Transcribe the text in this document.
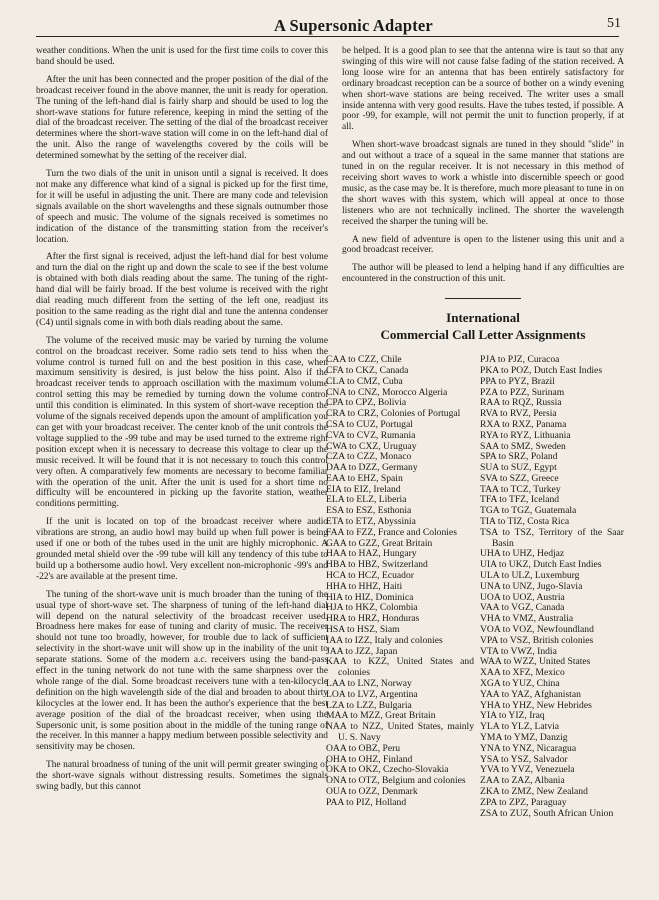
A Supersonic Adapter	51

weather conditions. When the unit is used for the first time coils to cover this band should be used.

After the unit has been connected and the proper position of the dial of the broadcast receiver found in the above manner, the unit is ready for operation. The tuning of the left-hand dial is fairly sharp and should be used to log the short-wave stations for future reference, keeping in mind the setting of the dial of the broadcast receiver. The setting of the dial of the broadcast receiver determines where the short-wave station will come in on the left-hand dial of the unit. Also the range of wavelengths covered by the coils will be determined somewhat by the setting of the receiver dial.

Turn the two dials of the unit in unison until a signal is received. It does not make any difference what kind of a signal is picked up for the first time, for it will be useful in adjusting the unit. There are many code and television signals available on the short wavelengths and these signals outnumber those of speech and music. The volume of the signals received is sometimes no indication of the distance of the transmitting station from the receiver's location.

After the first signal is received, adjust the left-hand dial for best volume and turn the dial on the right up and down the scale to see if the best volume is obtained with both dials reading about the same. The tuning of the right-hand dial will be fairly broad. If the best volume is received with the right dial reading much different from the setting of the left one, readjust its position to the same reading as the right dial and tune the antenna condenser (C4) until signals come in with both dials reading about the same.

The volume of the received music may be varied by turning the volume control on the broadcast receiver. Some radio sets tend to hiss when the volume control is turned full on and the best position in this case, when maximum sensitivity is desired, is just below the hiss point. Also if the broadcast receiver tends to approach oscillation with the maximum volume control setting this may be remedied by turning down the volume control until this condition is eliminated. In this system of short-wave reception the volume of the signals received depends upon the amount of amplification you can get with your broadcast receiver. The center knob of the unit controls the voltage supplied to the -99 tube and may be used turned to the extreme right position except when it is necessary to decrease this voltage to clear up the music received. It will be found that it is not necessary to touch this control very often. A comparatively few moments are necessary to become familiar with the operation of the unit. After the unit is used for a short time no difficulty will be encountered in picking up the favorite station, weather conditions permitting.

If the unit is located on top of the broadcast receiver where audio vibrations are strong, an audio howl may build up when full power is being used if one or both of the tubes used in the unit are highly microphonic. A grounded metal shield over the -99 tube will kill any tendency of this tube to build up a bothersome audio howl. Very excellent non-microphonic -99's and -22's are available at the present time.

The tuning of the short-wave unit is much broader than the tuning of the usual type of short-wave set. The sharpness of tuning of the left-hand dial will depend on the natural selectivity of the broadcast receiver used. Broadness here makes for ease of tuning and clarity of music. The receiver should not tune too broadly, however, for trouble due to lack of sufficient selectivity in the short-wave unit will show up in the inability of the unit to separate stations. Some of the modern a.c. receivers using the band-pass effect in the tuning network do not tune with the same sharpness over the whole range of the dial. Some broadcast receivers tune with a ten-kilocycle definition on the high wavelength side of the dial and broaden to about thirty kilocycles at the lower end. It has been the author's experience that the best average position of the dial of the broadcast receiver, when using the Supersonic unit, is some position about in the middle of the tuning range of the receiver. In this manner a happy medium between possible selectivity and sensitivity may be chosen.

The natural broadness of tuning of the unit will permit greater swinging of the short-wave signals without distressing results. Sometimes the signals swing badly, but this cannot

be helped. It is a good plan to see that the antenna wire is taut so that any swinging of this wire will not cause false fading of the station received. A long loose wire for an antenna that has been entirely satisfactory for ordinary broadcast reception can be a source of bother on a windy evening when short-wave stations are being received. The writer uses a small inside antenna with very good results. Have the tubes tested, if possible. A poor -99, for example, will not permit the unit to function properly, if at all.

When short-wave broadcast signals are tuned in they should "slide" in and out without a trace of a squeal in the same manner that stations are tuned in on the regular receiver. It is not necessary in this method of receiving short waves to work a whistle into discernible speech or good music, as the case may be. It is therefore, much more pleasant to tune in on the short waves with this system, which will appeal at once to those listeners who are not technically inclined. The shorter the wavelength received the sharper the tuning will be.

A new field of adventure is open to the listener using this unit and a good broadcast receiver.

The author will be pleased to lend a helping hand if any difficulties are encountered in the construction of this unit.

International
Commercial Call Letter Assignments
CAA to CZZ, Chile
CFA to CKZ, Canada
CLA to CMZ, Cuba
CNA to CNZ, Morocco Algeria
CPA to CPZ, Bolivia
CRA to CRZ, Colonies of Portugal
CSA to CUZ, Portugal
CVA to CVZ, Rumania
CWA to CXZ, Uruguay
CZA to CZZ, Monaco
DAA to DZZ, Germany
EAA to EHZ, Spain
EIA to EIZ, Ireland
ELA to ELZ, Liberia
ESA to ESZ, Esthonia
ETA to ETZ, Abyssinia
FAA to FZZ, France and Colonies
GAA to GZZ, Great Britain
HAA to HAZ, Hungary
HBA to HBZ, Switzerland
HCA to HCZ, Ecuador
HHA to HHZ, Haiti
HIA to HIZ, Dominica
HJA to HKZ, Colombia
HRA to HRZ, Honduras
HSA to HSZ, Siam
IAA to IZZ, Italy and colonies
JAA to JZZ, Japan
KAA to KZZ, United States and colonies
LAA to LNZ, Norway
LOA to LVZ, Argentina
LZA to LZZ, Bulgaria
MAA to MZZ, Great Britain
NAA to NZZ, United States, mainly U. S. Navy
OAA to OBZ, Peru
OHA to OHZ, Finland
OKA to OKZ, Czecho-Slovakia
ONA to OTZ, Belgium and colonies
OUA to OZZ, Denmark
PAA to PIZ, Holland
PJA to PJZ, Curacoa
PKA to POZ, Dutch East Indies
PPA to PYZ, Brazil
PZA to PZZ, Surinam
RAA to RQZ, Russia
RVA to RVZ, Persia
RXA to RXZ, Panama
RYA to RYZ, Lithuania
SAA to SMZ, Sweden
SPA to SRZ, Poland
SUA to SUZ, Egypt
SVA to SZZ, Greece
TAA to TCZ, Turkey
TFA to TFZ, Iceland
TGA to TGZ, Guatemala
TIA to TIZ, Costa Rica
TSA to TSZ, Territory of the Saar Basin
UHA to UHZ, Hedjaz
UIA to UKZ, Dutch East Indies
ULA to ULZ, Luxemburg
UNA to UNZ, Jugo-Slavia
UOA to UOZ, Austria
VAA to VGZ, Canada
VHA to VMZ, Australia
VOA to VOZ, Newfoundland
VPA to VSZ, British colonies
VTA to VWZ, India
WAA to WZZ, United States
XAA to XFZ, Mexico
XGA to YUZ, China
YAA to YAZ, Afghanistan
YHA to YHZ, New Hebrides
YIA to YIZ, Iraq
YLA to YLZ, Latvia
YMA to YMZ, Danzig
YNA to YNZ, Nicaragua
YSA to YSZ, Salvador
YVA to YVZ, Venezuela
ZAA to ZAZ, Albania
ZKA to ZMZ, New Zealand
ZPA to ZPZ, Paraguay
ZSA to ZUZ, South African Union
